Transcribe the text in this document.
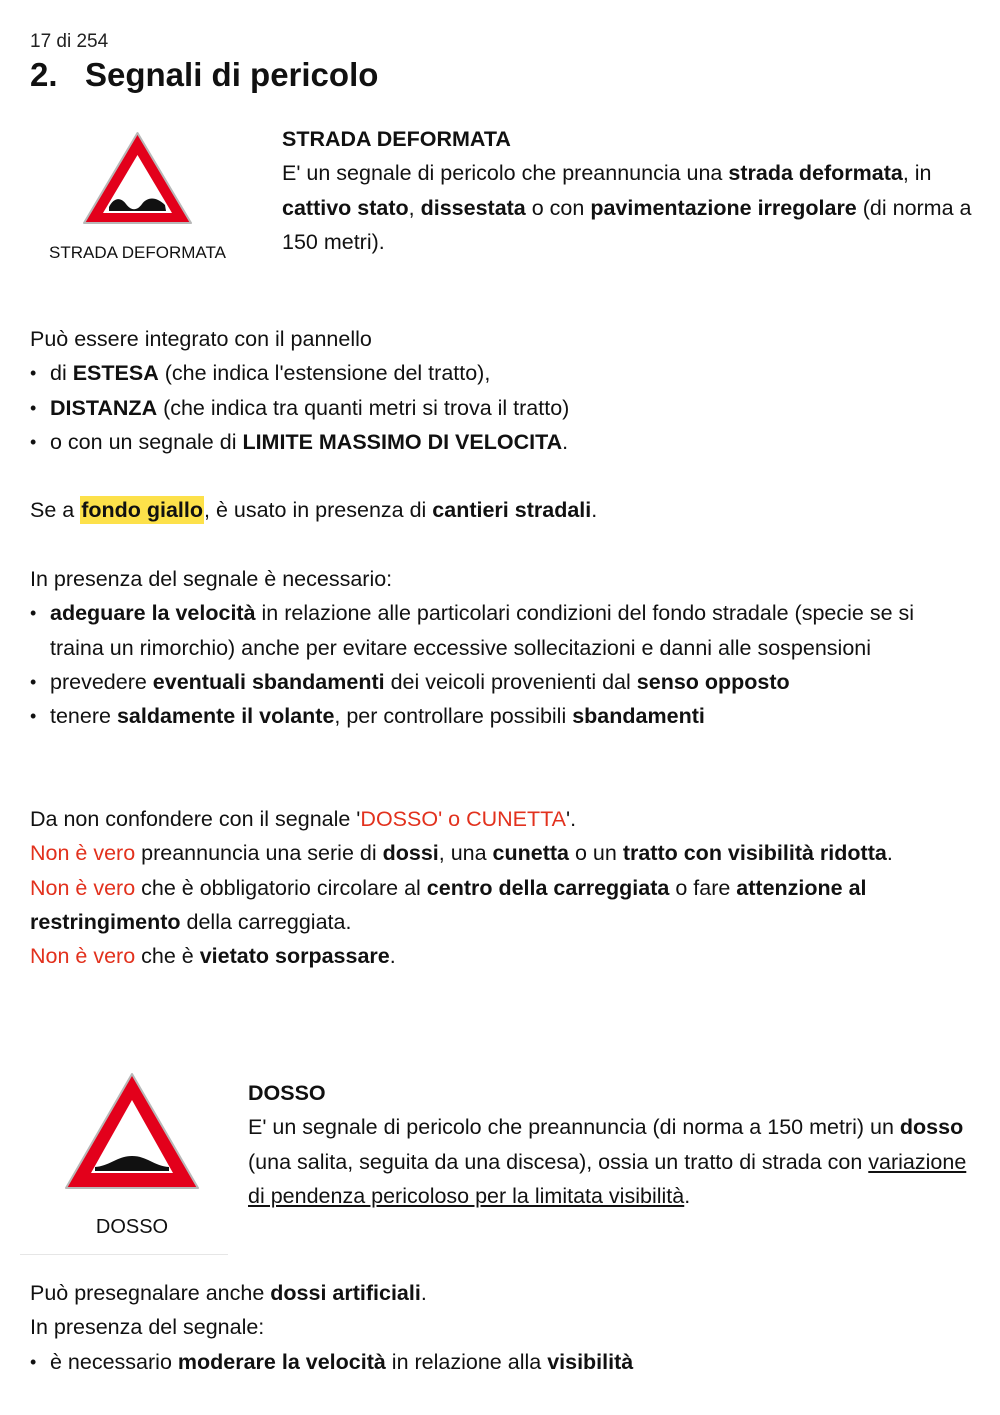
17 di 254
2. Segnali di pericolo
STRADA DEFORMATA
STRADA DEFORMATA
E' un segnale di pericolo che preannuncia una strada deformata, in cattivo stato, dissestata o con pavimentazione irregolare (di norma a 150 metri).
Può essere integrato con il pannello
• di ESTESA (che indica l'estensione del tratto),
• DISTANZA (che indica tra quanti metri si trova il tratto)
• o con un segnale di LIMITE MASSIMO DI VELOCITA.
Se a fondo giallo, è usato in presenza di cantieri stradali.
In presenza del segnale è necessario:
• adeguare la velocità in relazione alle particolari condizioni del fondo stradale (specie se si traina un rimorchio) anche per evitare eccessive sollecitazioni e danni alle sospensioni
• prevedere eventuali sbandamenti dei veicoli provenienti dal senso opposto
• tenere saldamente il volante, per controllare possibili sbandamenti
Da non confondere con il segnale 'DOSSO' o CUNETTA'.
Non è vero preannuncia una serie di dossi, una cunetta o un tratto con visibilità ridotta.
Non è vero che è obbligatorio circolare al centro della carreggiata o fare attenzione al restringimento della carreggiata.
Non è vero che è vietato sorpassare.
DOSSO
DOSSO
E' un segnale di pericolo che preannuncia (di norma a 150 metri) un dosso (una salita, seguita da una discesa), ossia un tratto di strada con variazione di pendenza pericoloso per la limitata visibilità.
Può presegnalare anche dossi artificiali.
In presenza del segnale:
• è necessario moderare la velocità in relazione alla visibilità
